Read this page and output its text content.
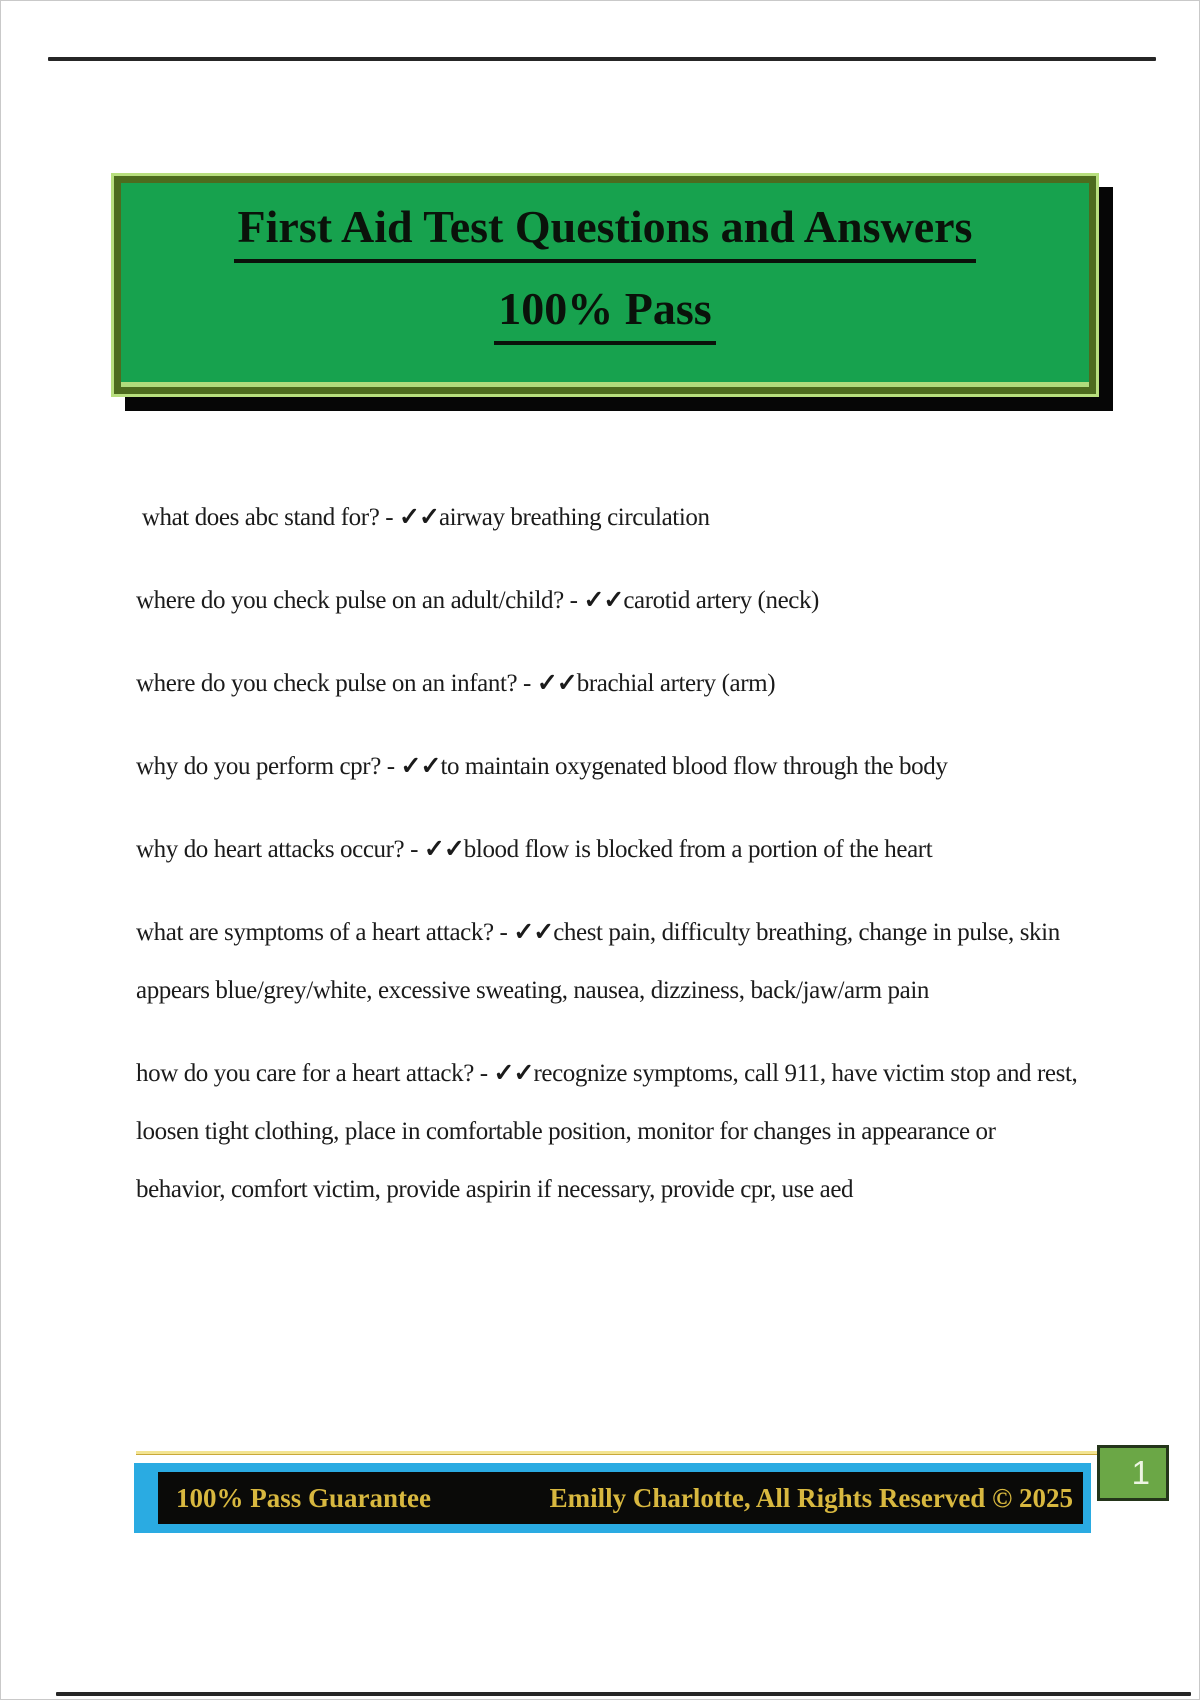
First Aid Test Questions and Answers
100% Pass

what does abc stand for? - ✓✓airway breathing circulation

where do you check pulse on an adult/child? - ✓✓carotid artery (neck)

where do you check pulse on an infant? - ✓✓brachial artery (arm)

why do you perform cpr? - ✓✓to maintain oxygenated blood flow through the body

why do heart attacks occur? - ✓✓blood flow is blocked from a portion of the heart

what are symptoms of a heart attack? - ✓✓chest pain, difficulty breathing, change in pulse, skin appears blue/grey/white, excessive sweating, nausea, dizziness, back/jaw/arm pain

how do you care for a heart attack? - ✓✓recognize symptoms, call 911, have victim stop and rest, loosen tight clothing, place in comfortable position, monitor for changes in appearance or behavior, comfort victim, provide aspirin if necessary, provide cpr, use aed

100% Pass Guarantee	Emilly Charlotte, All Rights Reserved © 2025
1
